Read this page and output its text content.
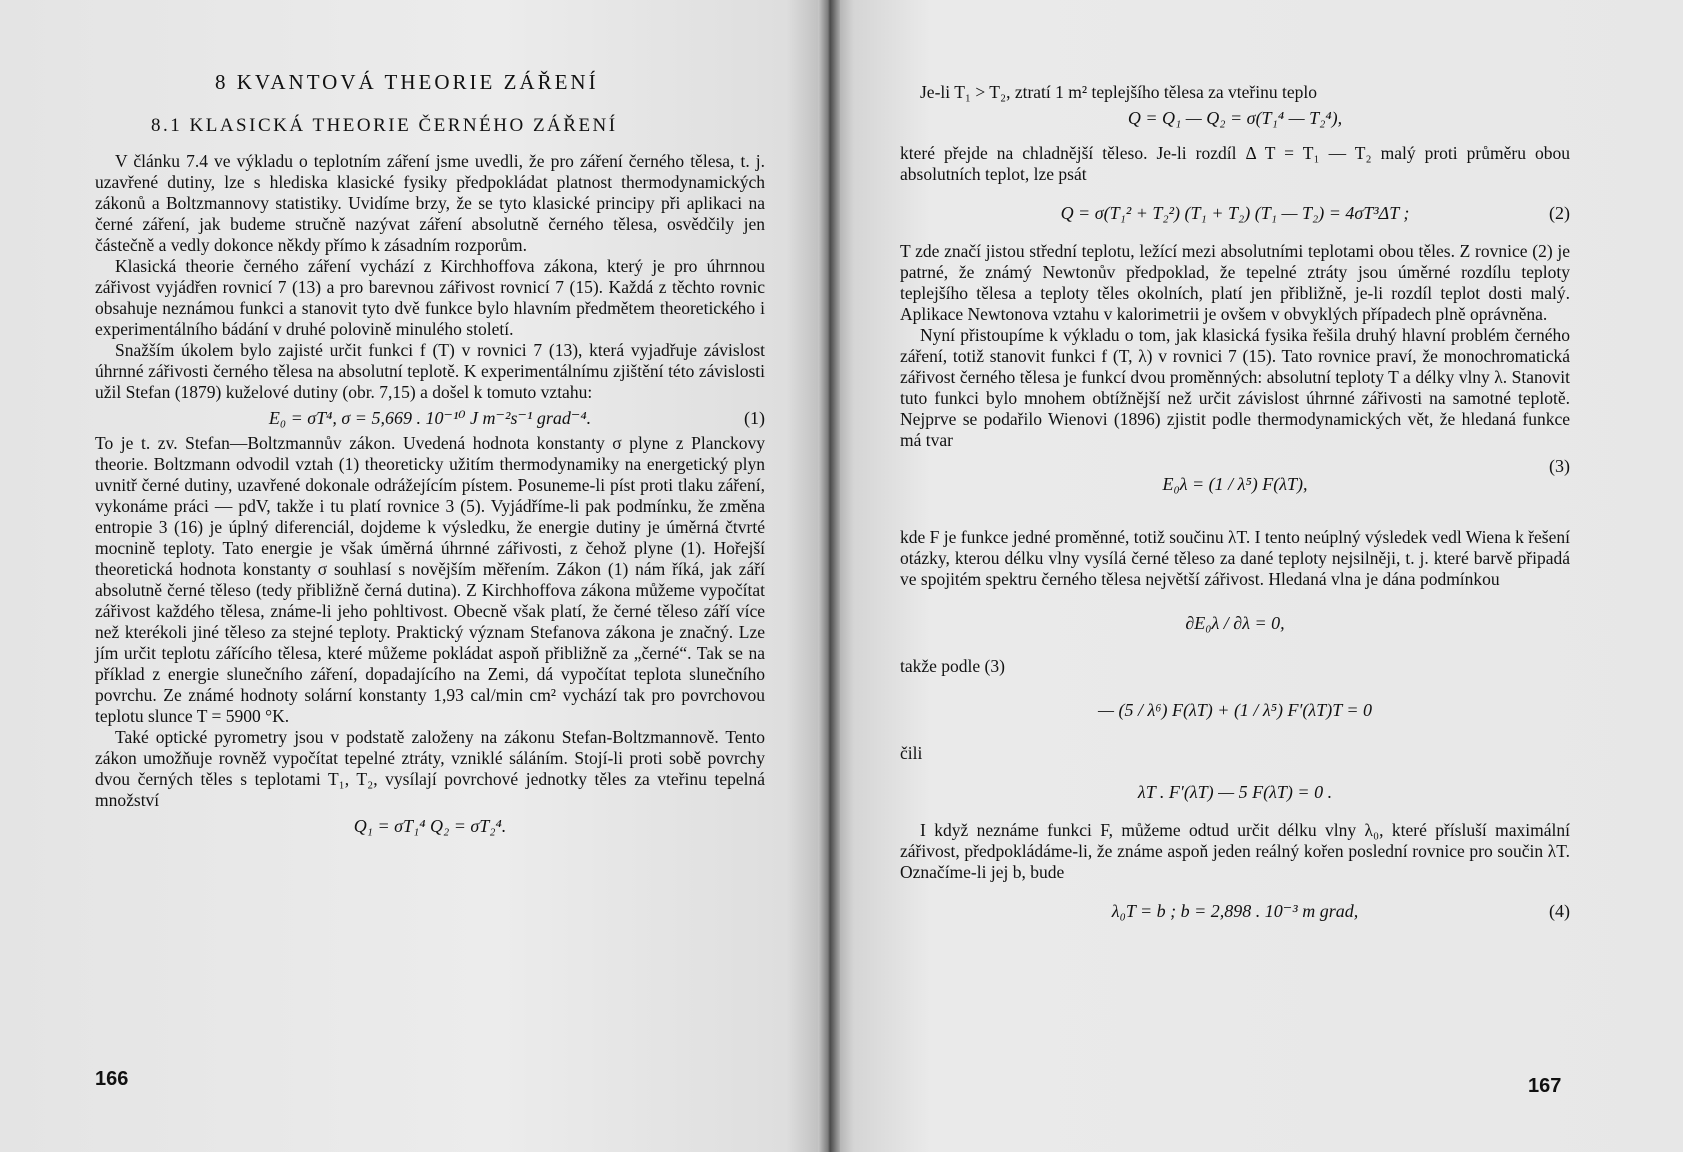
8 KVANTOVÁ THEORIE ZÁŘENÍ
8.1 KLASICKÁ THEORIE ČERNÉHO ZÁŘENÍ

V článku 7.4 ve výkladu o teplotním záření jsme uvedli, že pro záření černého tělesa, t. j. uzavřené dutiny, lze s hlediska klasické fysiky předpokládat platnost thermodynamických zákonů a Boltzmannovy statistiky. Uvidíme brzy, že se tyto klasické principy při aplikaci na černé záření, jak budeme stručně nazývat záření absolutně černého tělesa, osvědčily jen částečně a vedly dokonce někdy přímo k zásadním rozporům.

Klasická theorie černého záření vychází z Kirchhoffova zákona, který je pro úhrnnou zářivost vyjádřen rovnicí 7 (13) a pro barevnou zářivost rovnicí 7 (15). Každá z těchto rovnic obsahuje neznámou funkci a stanovit tyto dvě funkce bylo hlavním předmětem theoretického i experimentálního bádání v druhé polovině minulého století.

Snažším úkolem bylo zajisté určit funkci f (T) v rovnici 7 (13), která vyjadřuje závislost úhrnné zářivosti černého tělesa na absolutní teplotě. K experimentálnímu zjištění této závislosti užil Stefan (1879) kuželové dutiny (obr. 7,15) a došel k tomuto vztahu:

E₀ = σT⁴, σ = 5,669 . 10⁻¹⁰ J m⁻²s⁻¹ grad⁻⁴.	(1)

To je t. zv. Stefan—Boltzmannův zákon. Uvedená hodnota konstanty σ plyne z Planckovy theorie. Boltzmann odvodil vztah (1) theoreticky užitím thermodynamiky na energetický plyn uvnitř černé dutiny, uzavřené dokonale odrážejícím pístem. Posuneme-li píst proti tlaku záření, vykonáme práci — pdV, takže i tu platí rovnice 3 (5). Vyjádříme-li pak podmínku, že změna entropie 3 (16) je úplný diferenciál, dojdeme k výsledku, že energie dutiny je úměrná čtvrté mocnině teploty. Tato energie je však úměrná úhrnné zářivosti, z čehož plyne (1). Hořejší theoretická hodnota konstanty σ souhlasí s novějším měřením. Zákon (1) nám říká, jak září absolutně černé těleso (tedy přibližně černá dutina). Z Kirchhoffova zákona můžeme vypočítat zářivost každého tělesa, známe-li jeho pohltivost. Obecně však platí, že černé těleso září více než kterékoli jiné těleso za stejné teploty. Praktický význam Stefanova zákona je značný. Lze jím určit teplotu zářícího tělesa, které můžeme pokládat aspoň přibližně za „černé“. Tak se na příklad z energie slunečního záření, dopadajícího na Zemi, dá vypočítat teplota slunečního povrchu. Ze známé hodnoty solární konstanty 1,93 cal/min cm² vychází tak pro povrchovou teplotu slunce T = 5900 °K.

Také optické pyrometry jsou v podstatě založeny na zákonu Stefan-Boltzmannově. Tento zákon umožňuje rovněž vypočítat tepelné ztráty, vzniklé sáláním. Stojí-li proti sobě povrchy dvou černých těles s teplotami T₁, T₂, vysílají povrchové jednotky těles za vteřinu tepelná množství

Q₁ = σT₁⁴ Q₂ = σT₂⁴.
166

Je-li T₁ > T₂, ztratí 1 m² teplejšího tělesa za vteřinu teplo

Q = Q₁ — Q₂ = σ(T₁⁴ — T₂⁴),

které přejde na chladnější těleso. Je-li rozdíl Δ T = T₁ — T₂ malý proti průměru obou absolutních teplot, lze psát

Q = σ(T₁² + T₂²) (T₁ + T₂) (T₁ — T₂) = 4σT³ΔT ;	(2)

T zde značí jistou střední teplotu, ležící mezi absolutními teplotami obou těles. Z rovnice (2) je patrné, že známý Newtonův předpoklad, že tepelné ztráty jsou úměrné rozdílu teploty teplejšího tělesa a teploty těles okolních, platí jen přibližně, je-li rozdíl teplot dosti malý. Aplikace Newtonova vztahu v kalorimetrii je ovšem v obvyklých případech plně oprávněna.

Nyní přistoupíme k výkladu o tom, jak klasická fysika řešila druhý hlavní problém černého záření, totiž stanovit funkci f (T, λ) v rovnici 7 (15). Tato rovnice praví, že monochromatická zářivost černého tělesa je funkcí dvou proměnných: absolutní teploty T a délky vlny λ. Stanovit tuto funkci bylo mnohem obtížnější než určit závislost úhrnné zářivosti na samotné teplotě. Nejprve se podařilo Wienovi (1896) zjistit podle thermodynamických vět, že hledaná funkce má tvar

E₀λ = (1 / λ⁵) F(λT),
(3)

kde F je funkce jedné proměnné, totiž součinu λT. I tento neúplný výsledek vedl Wiena k řešení otázky, kterou délku vlny vysílá černé těleso za dané teploty nejsilněji, t. j. které barvě připadá ve spojitém spektru černého tělesa největší zářivost. Hledaná vlna je dána podmínkou

∂E₀λ / ∂λ = 0,
takže podle (3)
— (5 / λ⁶) F(λT) + (1 / λ⁵) F′(λT)T = 0
čili
λT . F′(λT) — 5 F(λT) = 0 .

I když neznáme funkci F, můžeme odtud určit délku vlny λ₀, které přísluší maximální zářivost, předpokládáme-li, že známe aspoň jeden reálný kořen poslední rovnice pro součin λT. Označíme-li jej b, bude

λ₀T = b ; b = 2,898 . 10⁻³ m grad,	(4)
167
